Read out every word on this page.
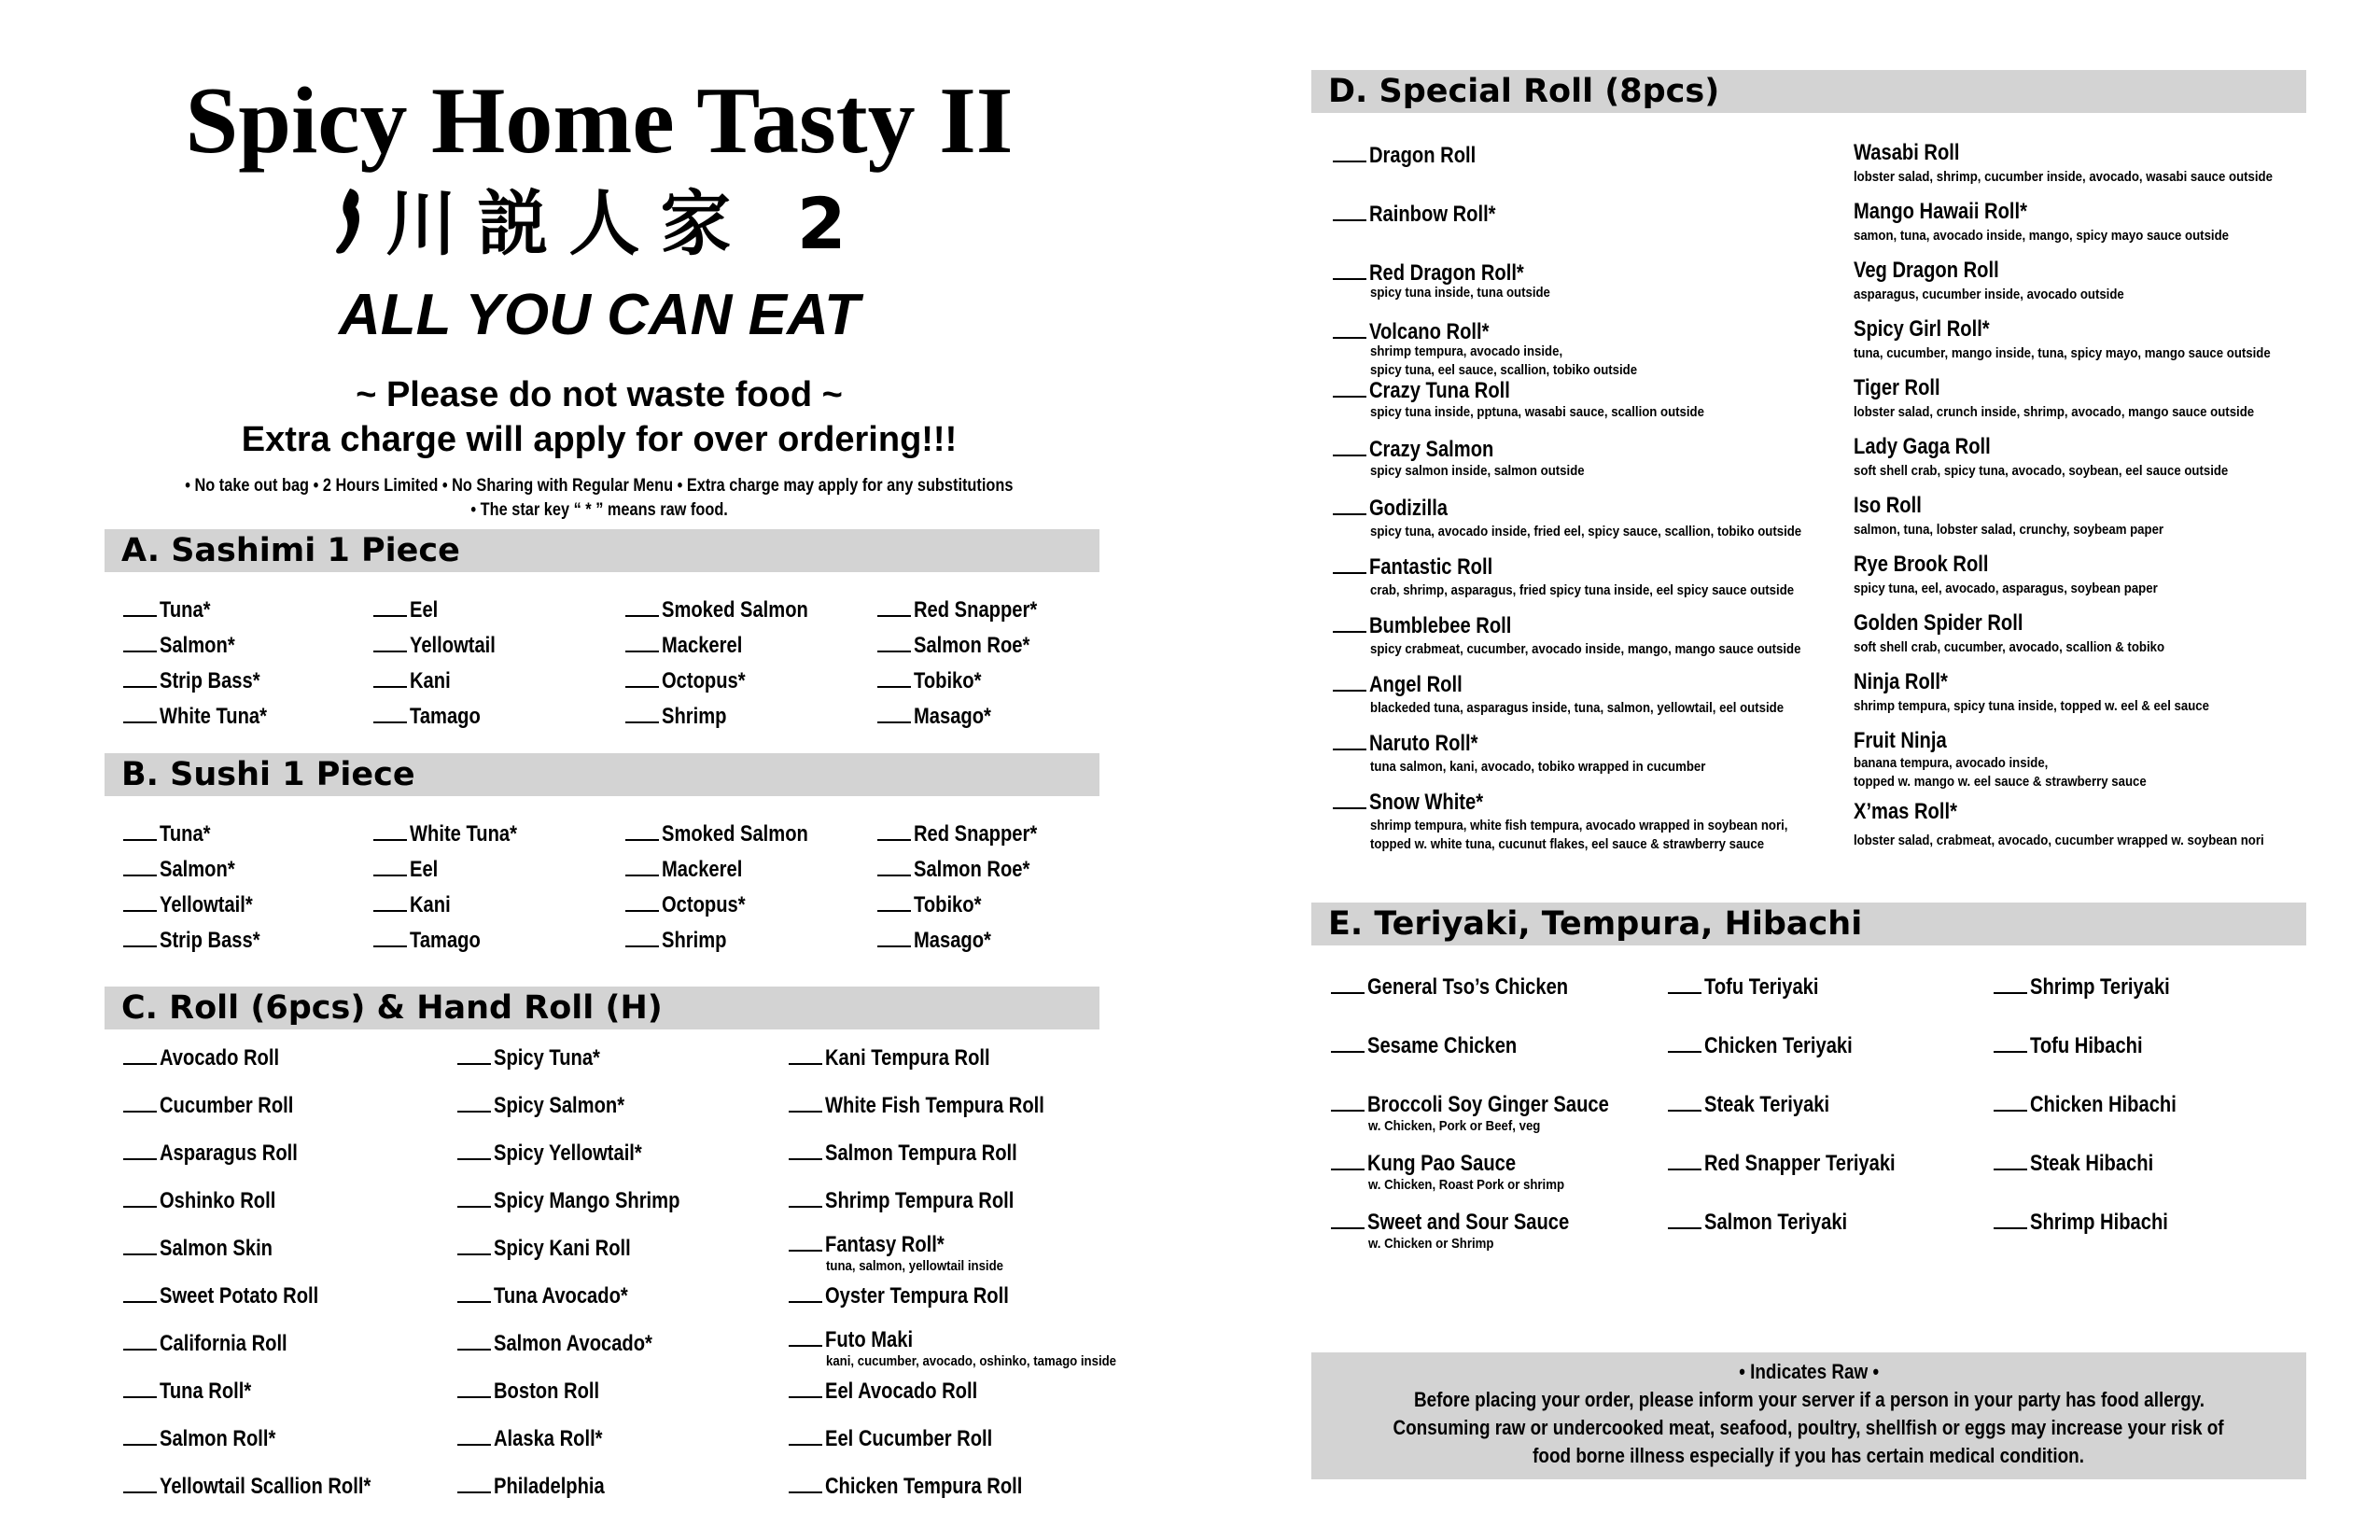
Spicy Home Tasty II
川説人家 2
ALL YOU CAN EAT
~ Please do not waste food ~
Extra charge will apply for over ordering!!!
• No take out bag • 2 Hours Limited • No Sharing with Regular Menu • Extra charge may apply for any substitutions
• The star key “ * ” means raw food.
A. Sashimi 1 Piece
Tuna*
Salmon*
Strip Bass*
White Tuna*
Eel
Yellowtail
Kani
Tamago
Smoked Salmon
Mackerel
Octopus*
Shrimp
Red Snapper*
Salmon Roe*
Tobiko*
Masago*
B. Sushi 1 Piece
Tuna*
Salmon*
Yellowtail*
Strip Bass*
White Tuna*
Eel
Kani
Tamago
Smoked Salmon
Mackerel
Octopus*
Shrimp
Red Snapper*
Salmon Roe*
Tobiko*
Masago*
C. Roll (6pcs) & Hand Roll (H)
Avocado Roll
Cucumber Roll
Asparagus Roll
Oshinko Roll
Salmon Skin
Sweet Potato Roll
California Roll
Tuna Roll*
Salmon Roll*
Yellowtail Scallion Roll*
Spicy Tuna*
Spicy Salmon*
Spicy Yellowtail*
Spicy Mango Shrimp
Spicy Kani Roll
Tuna Avocado*
Salmon Avocado*
Boston Roll
Alaska Roll*
Philadelphia
Kani Tempura Roll
White Fish Tempura Roll
Salmon Tempura Roll
Shrimp Tempura Roll
Fantasy Roll*
tuna, salmon, yellowtail inside
Oyster Tempura Roll
Futo Maki
kani, cucumber, avocado, oshinko, tamago inside
Eel Avocado Roll
Eel Cucumber Roll
Chicken Tempura Roll
D. Special Roll (8pcs)
Dragon Roll
Rainbow Roll*
Red Dragon Roll*
spicy tuna inside, tuna outside
Volcano Roll*
shrimp tempura, avocado inside,
spicy tuna, eel sauce, scallion, tobiko outside
Crazy Tuna Roll
spicy tuna inside, pptuna, wasabi sauce, scallion outside
Crazy Salmon
spicy salmon inside, salmon outside
Godizilla
spicy tuna, avocado inside, fried eel, spicy sauce, scallion, tobiko outside
Fantastic Roll
crab, shrimp, asparagus, fried spicy tuna inside, eel spicy sauce outside
Bumblebee Roll
spicy crabmeat, cucumber, avocado inside, mango, mango sauce outside
Angel Roll
blackeded tuna, asparagus inside, tuna, salmon, yellowtail, eel outside
Naruto Roll*
tuna salmon, kani, avocado, tobiko wrapped in cucumber
Snow White*
shrimp tempura, white fish tempura, avocado wrapped in soybean nori,
topped w. white tuna, cucunut flakes, eel sauce & strawberry sauce
Wasabi Roll
lobster salad, shrimp, cucumber inside, avocado, wasabi sauce outside
Mango Hawaii Roll*
samon, tuna, avocado inside, mango, spicy mayo sauce outside
Veg Dragon Roll
asparagus, cucumber inside, avocado outside
Spicy Girl Roll*
tuna, cucumber, mango inside, tuna, spicy mayo, mango sauce outside
Tiger Roll
lobster salad, crunch inside, shrimp, avocado, mango sauce outside
Lady Gaga Roll
soft shell crab, spicy tuna, avocado, soybean, eel sauce outside
Iso Roll
salmon, tuna, lobster salad, crunchy, soybeam paper
Rye Brook Roll
spicy tuna, eel, avocado, asparagus, soybean paper
Golden Spider Roll
soft shell crab, cucumber, avocado, scallion & tobiko
Ninja Roll*
shrimp tempura, spicy tuna inside, topped w. eel & eel sauce
Fruit Ninja
banana tempura, avocado inside,
topped w. mango w. eel sauce & strawberry sauce
X’mas Roll*
lobster salad, crabmeat, avocado, cucumber wrapped w. soybean nori
E. Teriyaki, Tempura, Hibachi
General Tso’s Chicken
Sesame Chicken
Broccoli Soy Ginger Sauce
w. Chicken, Pork or Beef, veg
Kung Pao Sauce
w. Chicken, Roast Pork or shrimp
Sweet and Sour Sauce
w. Chicken or Shrimp
Tofu Teriyaki
Chicken Teriyaki
Steak Teriyaki
Red Snapper Teriyaki
Salmon Teriyaki
Shrimp Teriyaki
Tofu Hibachi
Chicken Hibachi
Steak Hibachi
Shrimp Hibachi
• Indicates Raw •
Before placing your order, please inform your server if a person in your party has food allergy.
Consuming raw or undercooked meat, seafood, poultry, shellfish or eggs may increase your risk of
food borne illness especially if you has certain medical condition.
